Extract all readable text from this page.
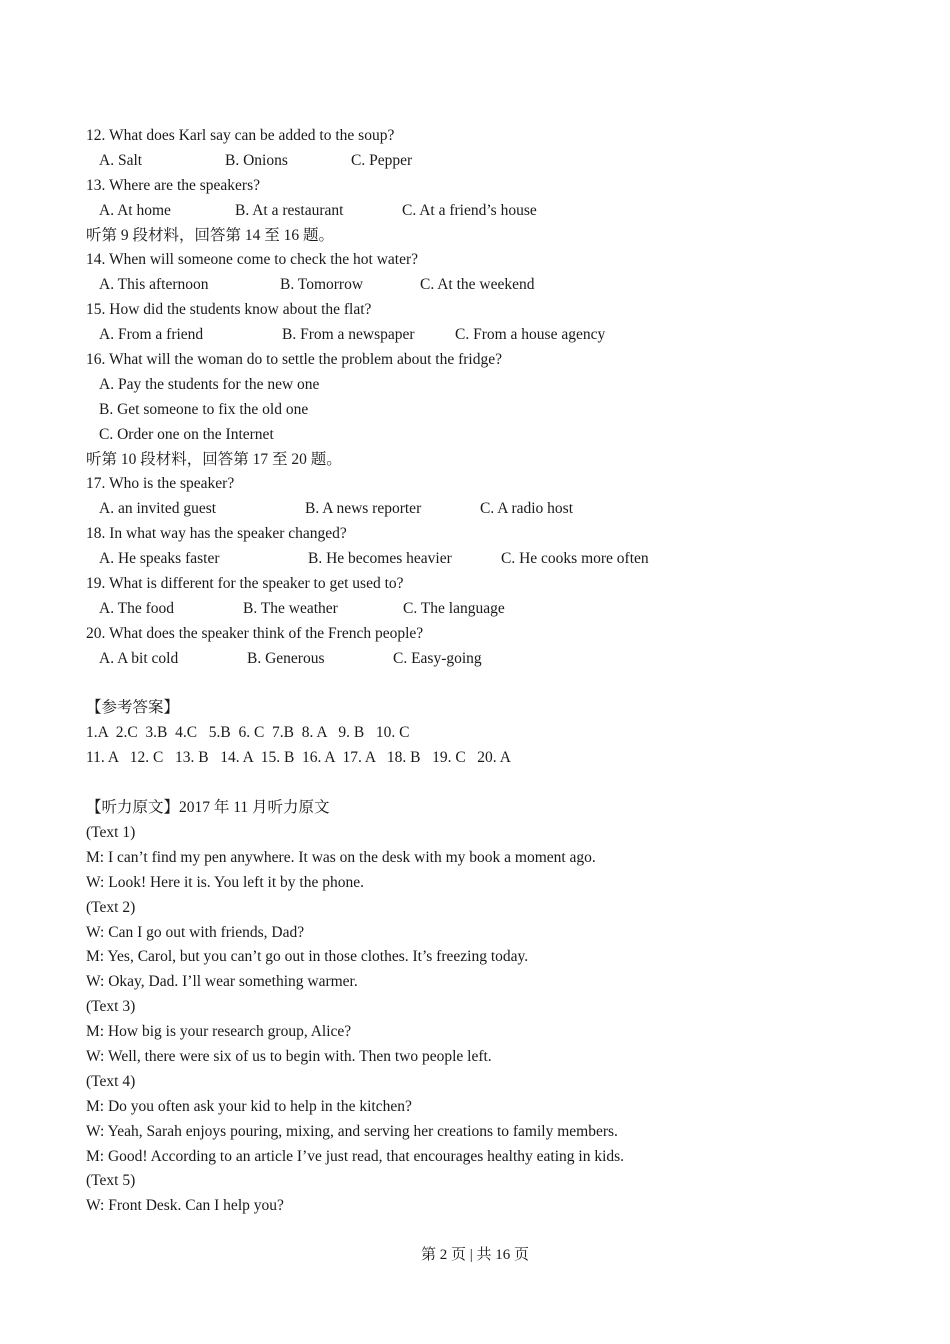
12. What does Karl say can be added to the soup?

A. Salt

	B. Onions

	C. Pepper

13. Where are the speakers?

A. At home

	B. At a restaurant

	C. At a friend’s house

听第 9 段材料，回答第 14 至 16 题。
14. When will someone come to check the hot water?

A. This afternoon

	B. Tomorrow

	C. At the weekend

15. How did the students know about the flat?

A. From a friend

	B. From a newspaper

	C. From a house agency

16. What will the woman do to settle the problem about the fridge?
A. Pay the students for the new one
B. Get someone to fix the old one
C. Order one on the Internet
听第 10 段材料，回答第 17 至 20 题。
17. Who is the speaker?

A. an invited guest

	B. A news reporter

	C. A radio host

18. In what way has the speaker changed?

A. He speaks faster

	B. He becomes heavier

	C. He cooks more often

19. What is different for the speaker to get used to?

A. The food

	B. The weather

	C. The language

20. What does the speaker think of the French people?

A. A bit cold

	B. Generous

	C. Easy-going

【参考答案】
1.A  2.C  3.B  4.C   5.B  6. C  7.B  8. A   9. B   10. C
11. A   12. C   13. B   14. A  15. B  16. A  17. A   18. B   19. C   20. A
【听力原文】2017 年 11 月听力原文
(Text 1)
M: I can’t find my pen anywhere. It was on the desk with my book a moment ago.
W: Look! Here it is. You left it by the phone.
(Text 2)
W: Can I go out with friends, Dad?
M: Yes, Carol, but you can’t go out in those clothes. It’s freezing today.
W: Okay, Dad. I’ll wear something warmer.
(Text 3)
M: How big is your research group, Alice?
W: Well, there were six of us to begin with. Then two people left.
(Text 4)
M: Do you often ask your kid to help in the kitchen?
W: Yeah, Sarah enjoys pouring, mixing, and serving her creations to family members.
M: Good! According to an article I’ve just read, that encourages healthy eating in kids.
(Text 5)
W: Front Desk. Can I help you?
第 2 页 | 共 16 页
